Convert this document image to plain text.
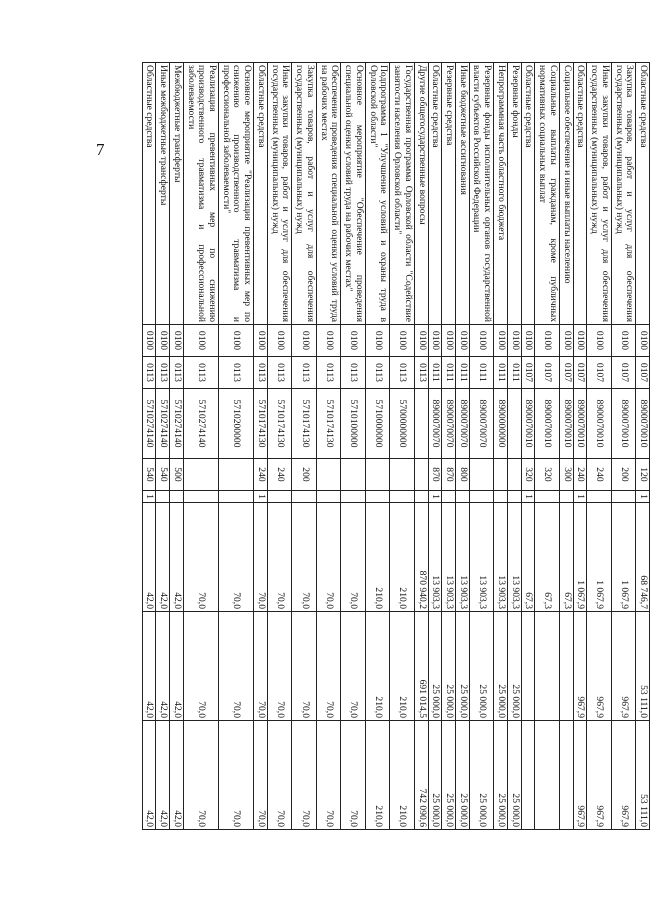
7
Областные средства	0100	0107	8900070010	120	1	68 746,7	53 111,0	53 111,0
Закупка товаров, работ и услуг для обеспечения государственных (муниципальных) нужд	0100	0107	8900070010	200		1 067,9	967,9	967,9
Иные закупки товаров, работ и услуг для обеспечения государственных (муниципальных) нужд	0100	0107	8900070010	240		1 067,9	967,9	967,9
Областные средства	0100	0107	8900070010	240	1	1 067,9	967,9	967,9
Социальное обеспечение и иные выплаты населению	0100	0107	8900070010	300		67,3		
Социальные выплаты гражданам, кроме публичных нормативных социальных выплат	0100	0107	8900070010	320		67,3		
Областные средства	0100	0107	8900070010	320	1	67,3		
Резервные фонды	0100	0111				13 903,3	25 000,0	25 000,0
Непрограммная часть областного бюджета	0100	0111	8900000000			13 903,3	25 000,0	25 000,0
Резервные фонды исполнительных органов государственной власти субъектов Российской Федерации	0100	0111	8900070070			13 903,3	25 000,0	25 000,0
Иные бюджетные ассигнования	0100	0111	8900070070	800		13 903,3	25 000,0	25 000,0
Резервные средства	0100	0111	8900070070	870		13 903,3	25 000,0	25 000,0
Областные средства	0100	0111	8900070070	870	1	13 903,3	25 000,0	25 000,0
Другие общегосударственные вопросы	0100	0113				870 940,2	691 014,5	742 090,6
Государственная программа Орловской области "Содействие занятости населения Орловской области"	0100	0113	5700000000			210,0	210,0	210,0
Подпрограмма 1 "Улучшение условий и охраны труда в Орловской области"	0100	0113	5710000000			210,0	210,0	210,0
Основное мероприятие "Обеспечение проведения специальной оценки условий труда на рабочих местах"	0100	0113	5710100000			70,0	70,0	70,0
Обеспечение проведения специальной оценки условий труда на рабочих местах	0100	0113	5710174130			70,0	70,0	70,0
Закупка товаров, работ и услуг для обеспечения государственных (муниципальных) нужд	0100	0113	5710174130	200		70,0	70,0	70,0
Иные закупки товаров, работ и услуг для обеспечения государственных (муниципальных) нужд	0100	0113	5710174130	240		70,0	70,0	70,0
Областные средства	0100	0113	5710174130	240	1	70,0	70,0	70,0
Основное мероприятие "Реализация превентивных мер по снижению производственного травматизма и профессиональной заболеваемости"	0100	0113	5710200000			70,0	70,0	70,0
Реализация превентивных мер по снижению производственного травматизма и профессиональной заболеваемости	0100	0113	5710274140			70,0	70,0	70,0
Межбюджетные трансферты	0100	0113	5710274140	500		42,0	42,0	42,0
Иные межбюджетные трансферты	0100	0113	5710274140	540		42,0	42,0	42,0
Областные средства	0100	0113	5710274140	540	1	42,0	42,0	42,0
